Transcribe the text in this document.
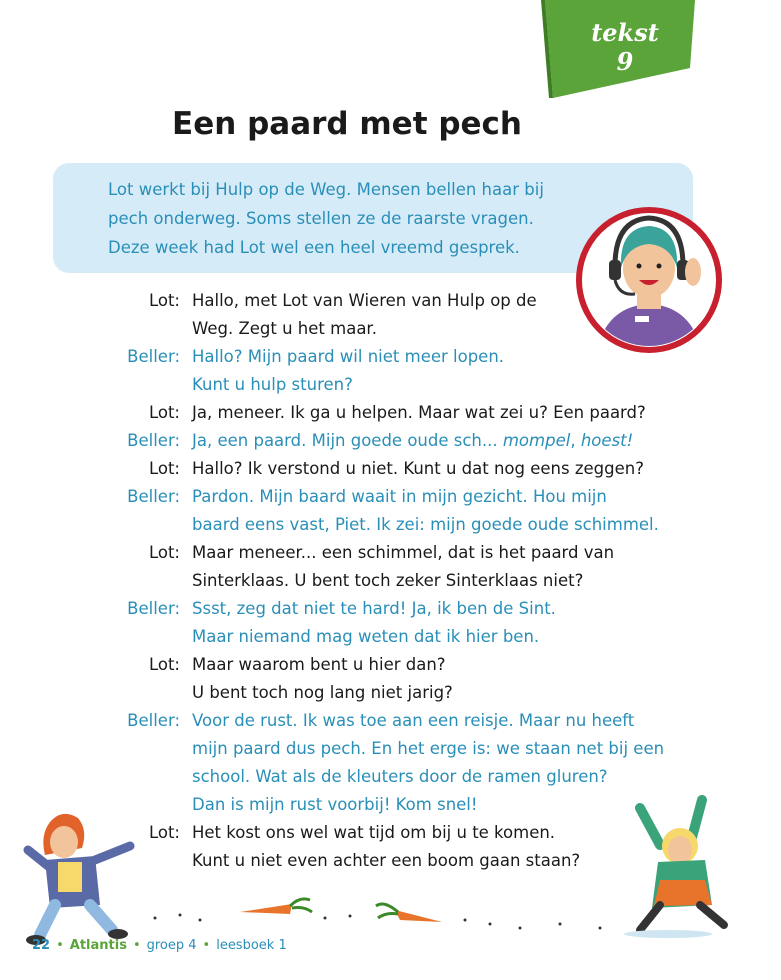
tekst 9
Een paard met pech
Lot werkt bij Hulp op de Weg. Mensen bellen haar bij
pech onderweg. Soms stellen ze de raarste vragen.
Deze week had Lot wel een heel vreemd gesprek.
Lot: Hallo, met Lot van Wieren van Hulp op de
Weg. Zegt u het maar.
Beller: Hallo? Mijn paard wil niet meer lopen.
Kunt u hulp sturen?
Lot: Ja, meneer. Ik ga u helpen. Maar wat zei u? Een paard?
Beller: Ja, een paard. Mijn goede oude sch... mompel, hoest!
Lot: Hallo? Ik verstond u niet. Kunt u dat nog eens zeggen?
Beller: Pardon. Mijn baard waait in mijn gezicht. Hou mijn
baard eens vast, Piet. Ik zei: mijn goede oude schimmel.
Lot: Maar meneer... een schimmel, dat is het paard van
Sinterklaas. U bent toch zeker Sinterklaas niet?
Beller: Ssst, zeg dat niet te hard! Ja, ik ben de Sint.
Maar niemand mag weten dat ik hier ben.
Lot: Maar waarom bent u hier dan?
U bent toch nog lang niet jarig?
Beller: Voor de rust. Ik was toe aan een reisje. Maar nu heeft
mijn paard dus pech. En het erge is: we staan net bij een
school. Wat als de kleuters door de ramen gluren?
Dan is mijn rust voorbij! Kom snel!
Lot: Het kost ons wel wat tijd om bij u te komen.
Kunt u niet even achter een boom gaan staan?
22 • Atlantis • groep 4 • leesboek 1
